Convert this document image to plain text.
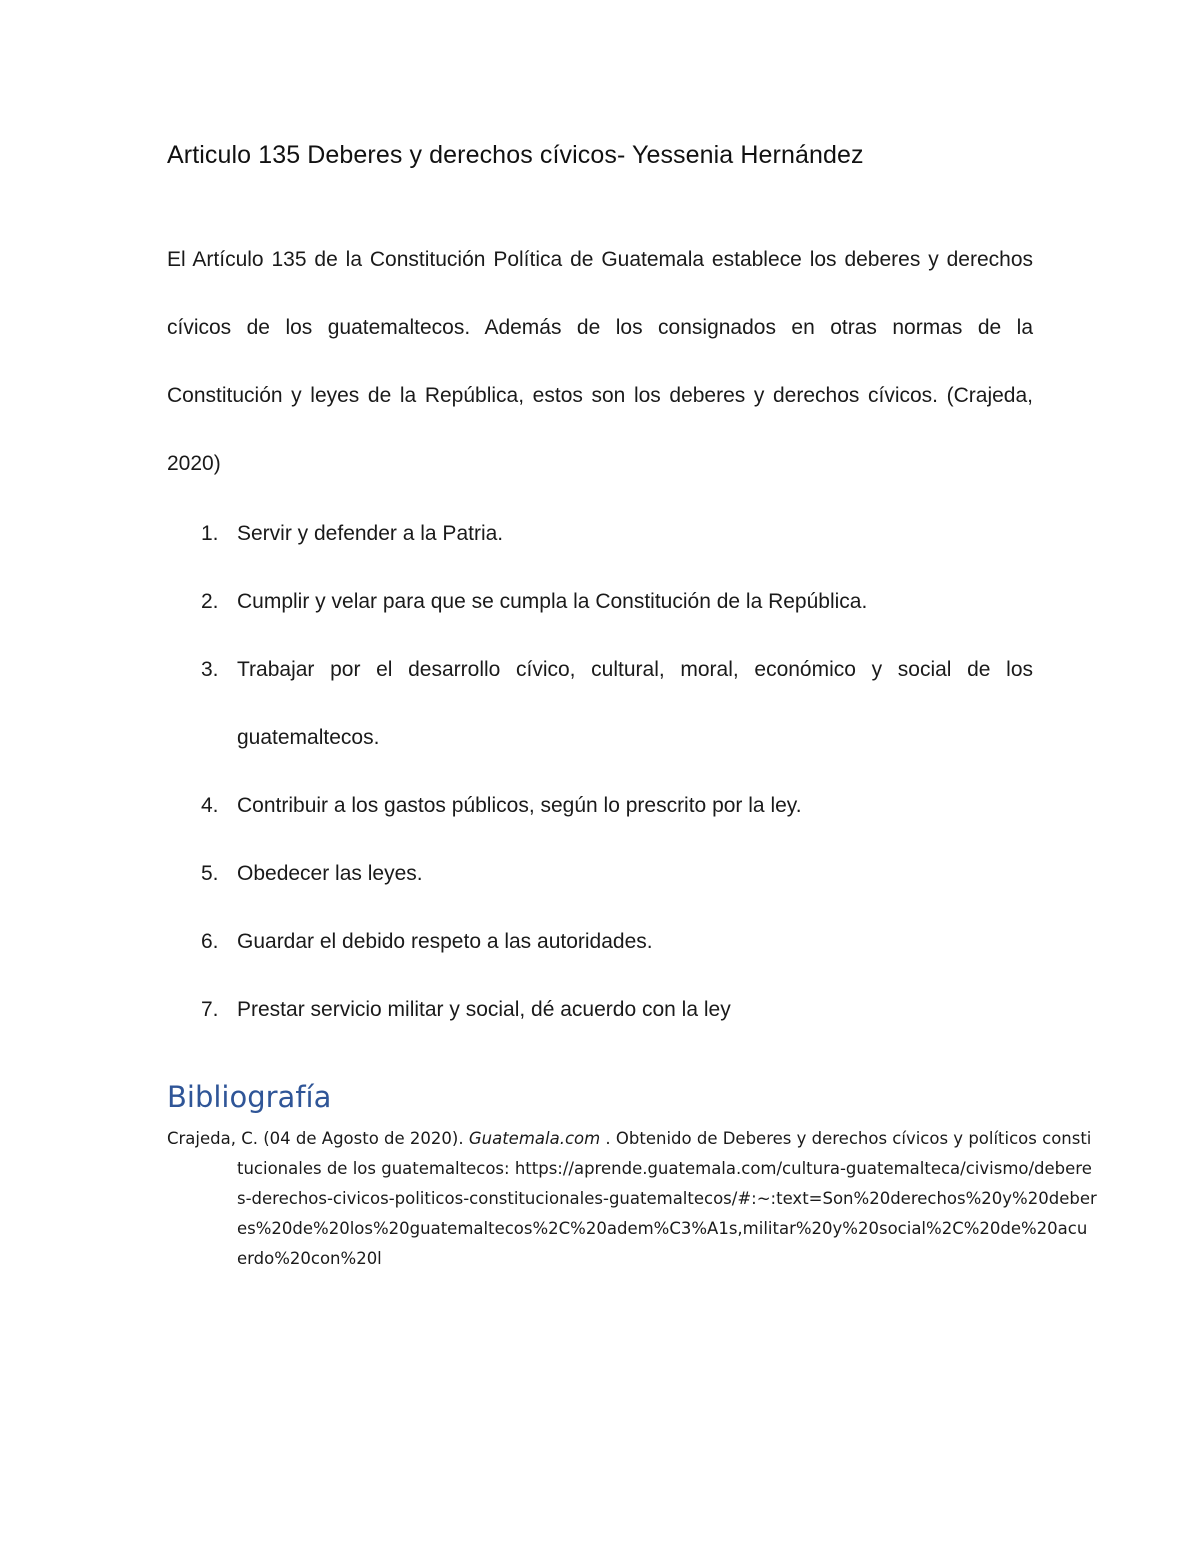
Articulo 135 Deberes y derechos cívicos- Yessenia Hernández

El Artículo 135 de la Constitución Política de Guatemala establece los deberes y derechos cívicos de los guatemaltecos. Además de los consignados en otras normas de la Constitución y leyes de la República, estos son los deberes y derechos cívicos. (Crajeda, 2020)

1. Servir y defender a la Patria.
2. Cumplir y velar para que se cumpla la Constitución de la República.
3. Trabajar por el desarrollo cívico, cultural, moral, económico y social de los guatemaltecos.
4. Contribuir a los gastos públicos, según lo prescrito por la ley.
5. Obedecer las leyes.
6. Guardar el debido respeto a las autoridades.
7. Prestar servicio militar y social, dé acuerdo con la ley
Bibliografía

Crajeda, C. (04 de Agosto de 2020). Guatemala.com . Obtenido de Deberes y derechos cívicos y políticos constitucionales de los guatemaltecos: https://aprende.guatemala.com/cultura-guatemalteca/civismo/deberes-derechos-civicos-politicos-constitucionales-guatemaltecos/#:~:text=Son%20derechos%20y%20deberes%20de%20los%20guatemaltecos%2C%20adem%C3%A1s,militar%20y%20social%2C%20de%20acuerdo%20con%20l
